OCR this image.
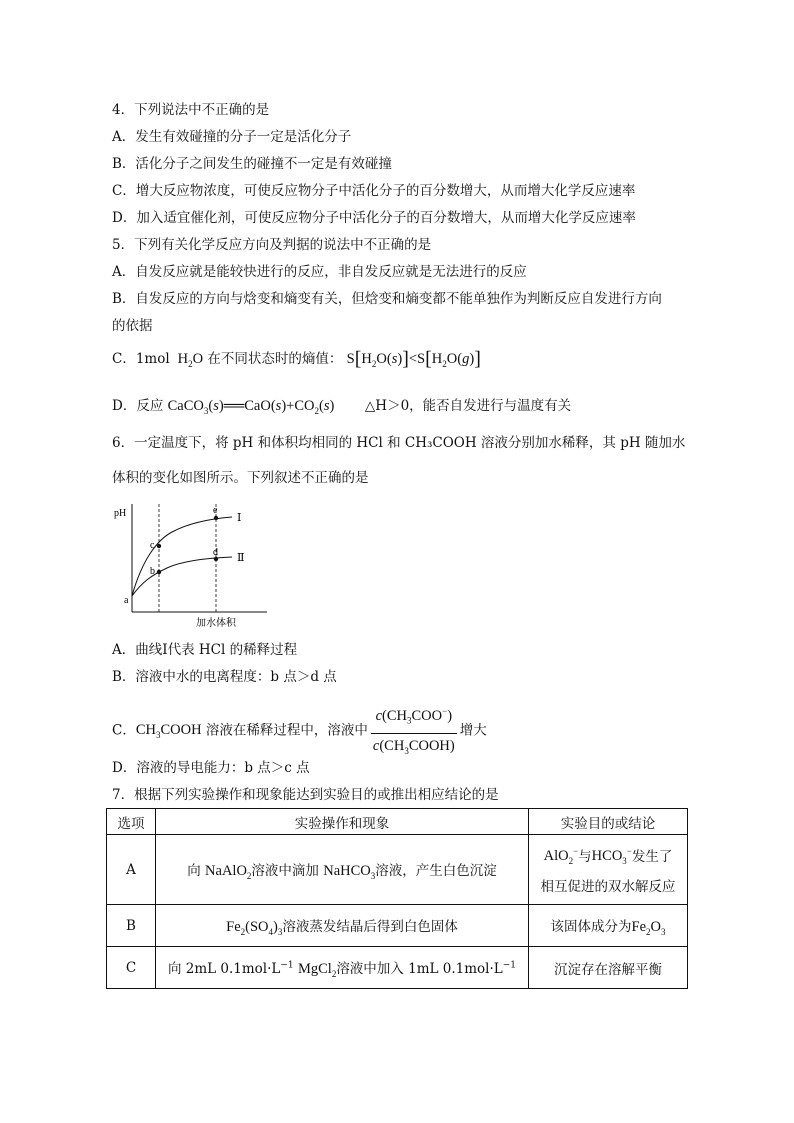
4．下列说法中不正确的是
A．发生有效碰撞的分子一定是活化分子
B．活化分子之间发生的碰撞不一定是有效碰撞
C．增大反应物浓度，可使反应物分子中活化分子的百分数增大，从而增大化学反应速率
D．加入适宜催化剂，可使反应物分子中活化分子的百分数增大，从而增大化学反应速率
5．下列有关化学反应方向及判据的说法中不正确的是
A．自发反应就是能较快进行的反应，非自发反应就是无法进行的反应
B．自发反应的方向与焓变和熵变有关，但焓变和熵变都不能单独作为判断反应自发进行方向
的依据
C．1mol  $H_2O$ 在不同状态时的熵值： $S[H_2O(s)]<S[H_2O(g)]$
D．反应 $CaCO_3(s)══CaO(s)+CO_2(s)$ △H＞0，能否自发进行与温度有关
6．一定温度下，将 pH 和体积均相同的 HCl 和 CH₃COOH 溶液分别加水稀释，其 pH 随加水
体积的变化如图所示。下列叙述不正确的是
pH
a
c
b
e
d
Ⅰ
Ⅱ
加水体积
A．曲线Ⅰ代表 HCl 的稀释过程
B．溶液中水的电离程度：b 点＞d 点
C．$CH_3COOH$ 溶液在稀释过程中，溶液中 $\frac{c(CH_3COO^-)}{c(CH_3COOH)}$ 增大
D．溶液的导电能力：b 点＞c 点
7．根据下列实验操作和现象能达到实验目的或推出相应结论的是
选项	实验操作和现象	实验目的或结论
A	向 NaAlO$_2$溶液中滴加 NaHCO$_3$溶液，产生白色沉淀	AlO$_2$−与$HCO_3^-$发生了
相互促进的双水解反应
B	$Fe_2(SO_4)_3$溶液蒸发结晶后得到白色固体	该固体成分为$Fe_2O_3$
C	向 2mL $0.1mol\cdot L^{-1}$ MgCl$_2$溶液中加入 1mL $0.1mol\cdot L^{-1}$	沉淀存在溶解平衡
